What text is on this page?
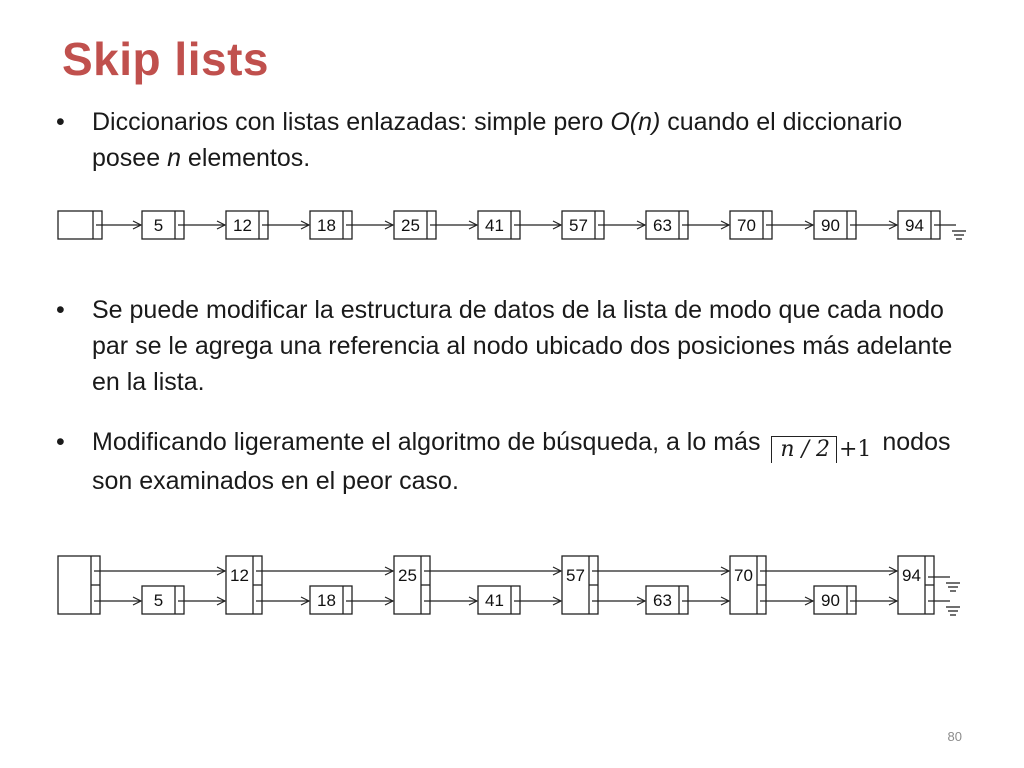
Skip lists
•	Diccionarios con listas enlazadas: simple pero O(n) cuando el diccionario posee n elementos.
5	12	18	25	41	57	63	70	90	94
•	Se puede modificar la estructura de datos de la lista de modo que cada nodo par se le agrega una referencia al nodo ubicado dos posiciones más adelante en la lista.
•	Modificando ligeramente el algoritmo de búsqueda, a lo más n / 2 +1 nodos son examinados en el peor caso.
5
12
18
25
41
57
63
70
90
94
80
